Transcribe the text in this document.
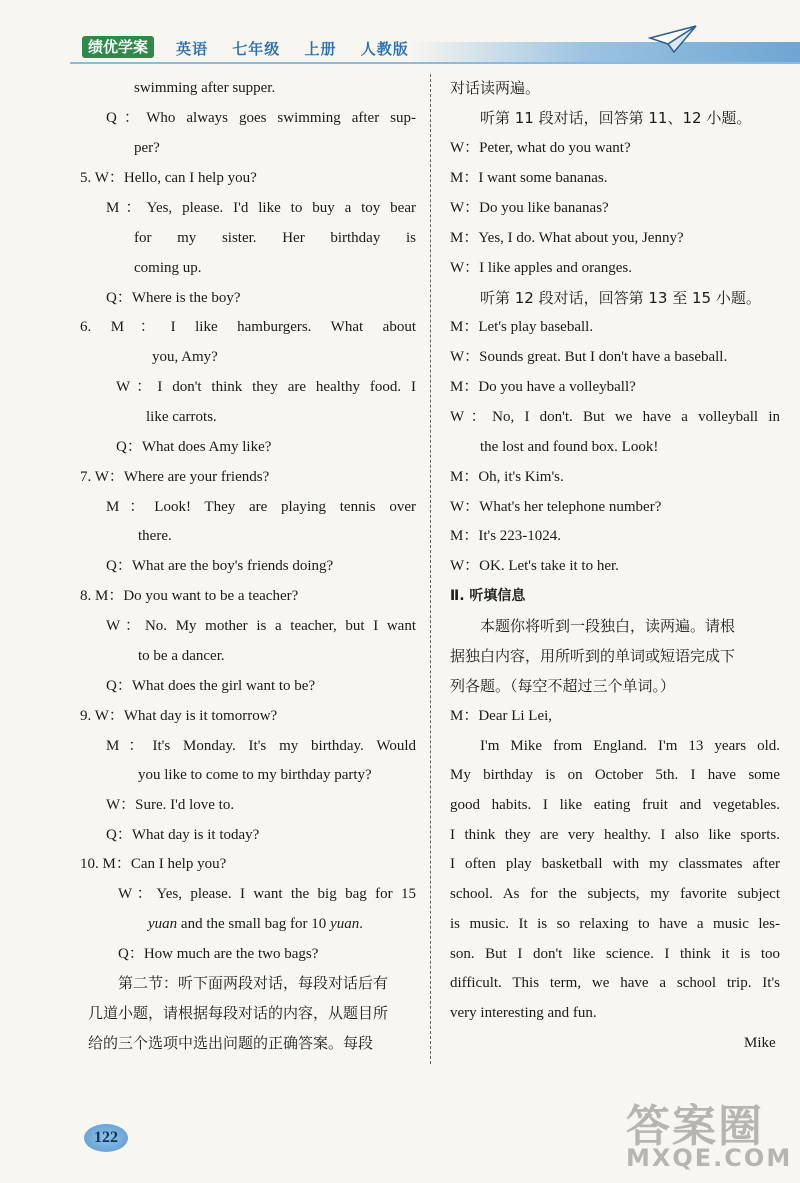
绩优学案	英语 七年级 上册 人教版
swimming after supper.
Q：Who always goes swimming after sup-
per?
5. W：Hello, can I help you?
M：Yes, please. I'd like to buy a toy bear
for my sister. Her birthday is
coming up.
Q：Where is the boy?
6. M：I like hamburgers. What about
you, Amy?
W：I don't think they are healthy food. I
like carrots.
Q：What does Amy like?
7. W：Where are your friends?
M：Look! They are playing tennis over
there.
Q：What are the boy's friends doing?
8. M：Do you want to be a teacher?
W：No. My mother is a teacher, but I want
to be a dancer.
Q：What does the girl want to be?
9. W：What day is it tomorrow?
M：It's Monday. It's my birthday. Would
you like to come to my birthday party?
W：Sure. I'd love to.
Q：What day is it today?
10. M：Can I help you?
W：Yes, please. I want the big bag for 15
yuan and the small bag for 10 yuan.
Q：How much are the two bags?
第二节：听下面两段对话，每段对话后有
几道小题，请根据每段对话的内容，从题目所
给的三个选项中选出问题的正确答案。每段
对话读两遍。
听第 11 段对话，回答第 11、12 小题。
W：Peter, what do you want?
M：I want some bananas.
W：Do you like bananas?
M：Yes, I do. What about you, Jenny?
W：I like apples and oranges.
听第 12 段对话，回答第 13 至 15 小题。
M：Let's play baseball.
W：Sounds great. But I don't have a baseball.
M：Do you have a volleyball?
W：No, I don't. But we have a volleyball in
the lost and found box. Look!
M：Oh, it's Kim's.
W：What's her telephone number?
M：It's 223-1024.
W：OK. Let's take it to her.
Ⅱ. 听填信息
本题你将听到一段独白，读两遍。请根
据独白内容，用所听到的单词或短语完成下
列各题。（每空不超过三个单词。）
M：Dear Li Lei,
I'm Mike from England. I'm 13 years old.
My birthday is on October 5th. I have some
good habits. I like eating fruit and vegetables.
I think they are very healthy. I also like sports.
I often play basketball with my classmates after
school. As for the subjects, my favorite subject
is music. It is so relaxing to have a music les-
son. But I don't like science. I think it is too
difficult. This term, we have a school trip. It's
very interesting and fun.
Mike
122	答案圈
MXQE.COM
